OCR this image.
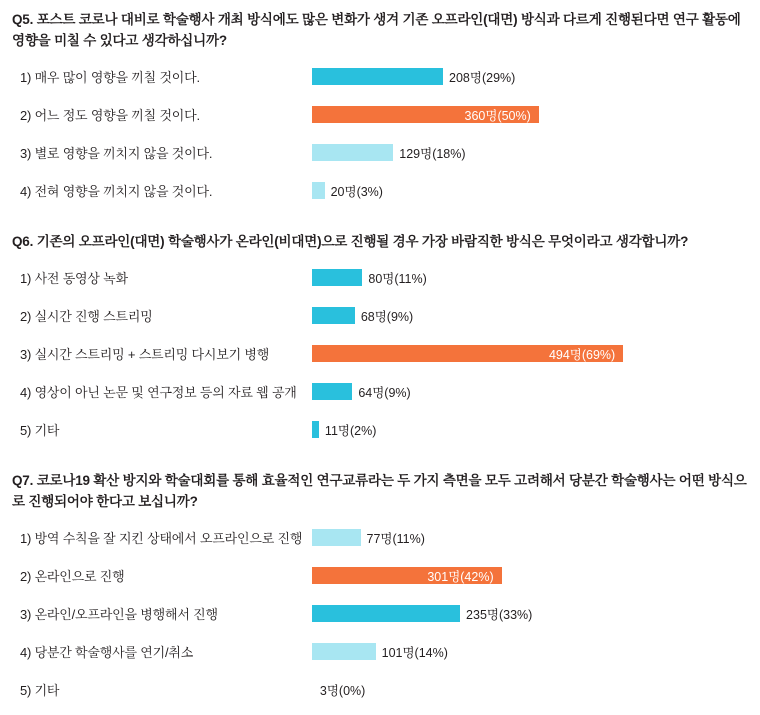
Q5. 포스트 코로나 대비로 학술행사 개최 방식에도 많은 변화가 생겨 기존 오프라인(대면) 방식과 다르게 진행된다면 연구 활동에 영향을 미칠 수 있다고 생각하십니까?

1) 매우 많이 영향을 끼칠 것이다.	208명(29%)
2) 어느 정도 영향을 끼칠 것이다.	360명(50%)
3) 별로 영향을 끼치지 않을 것이다.	129명(18%)
4) 전혀 영향을 끼치지 않을 것이다.	20명(3%)

Q6. 기존의 오프라인(대면) 학술행사가 온라인(비대면)으로 진행될 경우 가장 바람직한 방식은 무엇이라고 생각합니까?

1) 사전 동영상 녹화	80명(11%)
2) 실시간 진행 스트리밍	68명(9%)
3) 실시간 스트리밍 + 스트리밍 다시보기 병행	494명(69%)
4) 영상이 아닌 논문 및 연구정보 등의 자료 웹 공개	64명(9%)
5) 기타	11명(2%)

Q7. 코로나19 확산 방지와 학술대회를 통해 효율적인 연구교류라는 두 가지 측면을 모두 고려해서 당분간 학술행사는 어떤 방식으로 진행되어야 한다고 보십니까?

1) 방역 수칙을 잘 지킨 상태에서 오프라인으로 진행	77명(11%)
2) 온라인으로 진행	301명(42%)
3) 온라인/오프라인을 병행해서 진행	235명(33%)
4) 당분간 학술행사를 연기/취소	101명(14%)
5) 기타	3명(0%)
